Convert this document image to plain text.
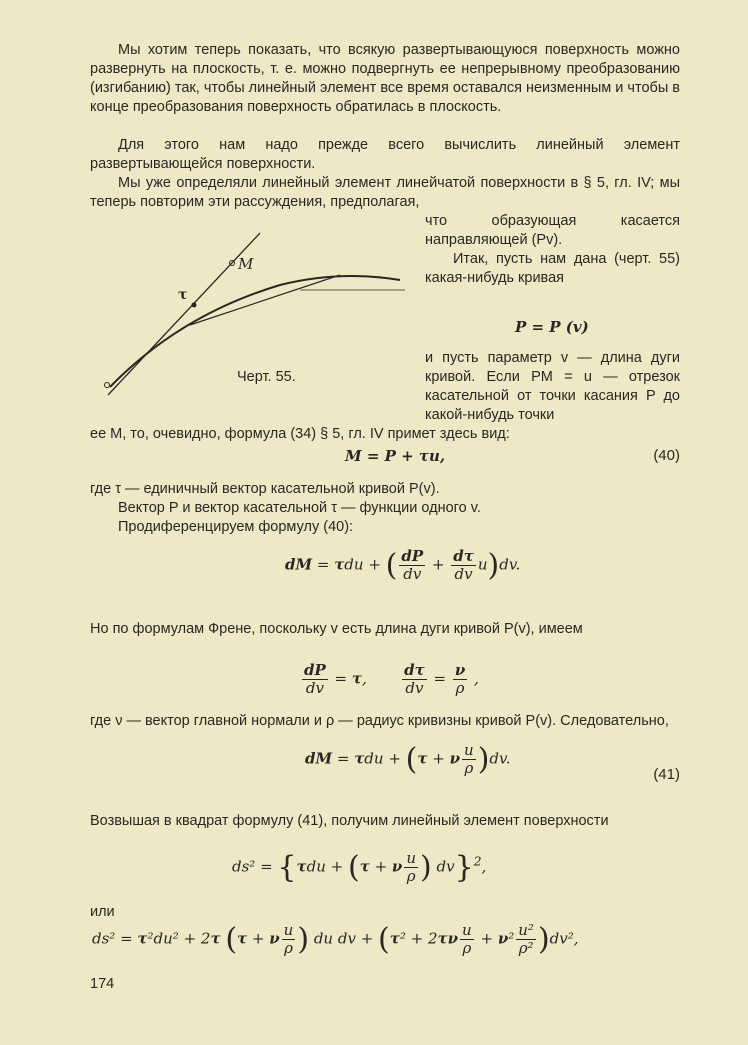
Мы хотим теперь показать, что всякую развертывающуюся поверхность можно развернуть на плоскость, т. е. можно подвергнуть ее непрерывному преобразованию (изгибанию) так, чтобы линейный элемент все время оставался неизменным и чтобы в конце преобразования поверхность обратилась в плоскость.
Для этого нам надо прежде всего вычислить линейный элемент развертывающейся поверхности.
Мы уже определяли линейный элемент линейчатой поверхности в § 5, гл. IV; мы теперь повторим эти рассуждения, предполагая,
M
τ
Черт. 55.
что образующая касается направляющей (Pv).
Итак, пусть нам дана (черт. 55) какая-нибудь кривая
P = P (v)
и пусть параметр v — длина дуги кривой. Если PM = u — отрезок касательной от точки касания P до какой-нибудь точки
ее M, то, очевидно, формула (34) § 5, гл. IV примет здесь вид:
M = P + τu,	(40)
где τ — единичный вектор касательной кривой P(v).
Вектор P и вектор касательной τ — функции одного v.
Продиференцируем формулу (40):
dM = τdu + ( $\frac{dP}{dv} + \frac{d\tau}{dv} u)dv$.
Но по формулам Френе, поскольку v есть длина дуги кривой P(v), имеем
$\frac{dP}{dv} = \tau$, $\frac{d\tau}{dv} = \frac{\nu}{\rho}$ ,
где ν — вектор главной нормали и ρ — радиус кривизны кривой P(v). Следовательно,
dM = τdu + (τ + ν $\frac{u}{\rho} )dv$.
(41)
Возвышая в квадрат формулу (41), получим линейный элемент поверхности
ds² = {τdu + (τ + ν $\frac{u}{\rho}$ ) dv}$^2$,
или
ds² = τ²du² + 2τ (τ + ν $\frac{u}{\rho}$ ) du dv + $(\tau^2 + 2\tau\nu \frac{u}{\rho} + \nu^2 \frac{\text{u²}}{\text{ρ²}} )dv^2$,
174
